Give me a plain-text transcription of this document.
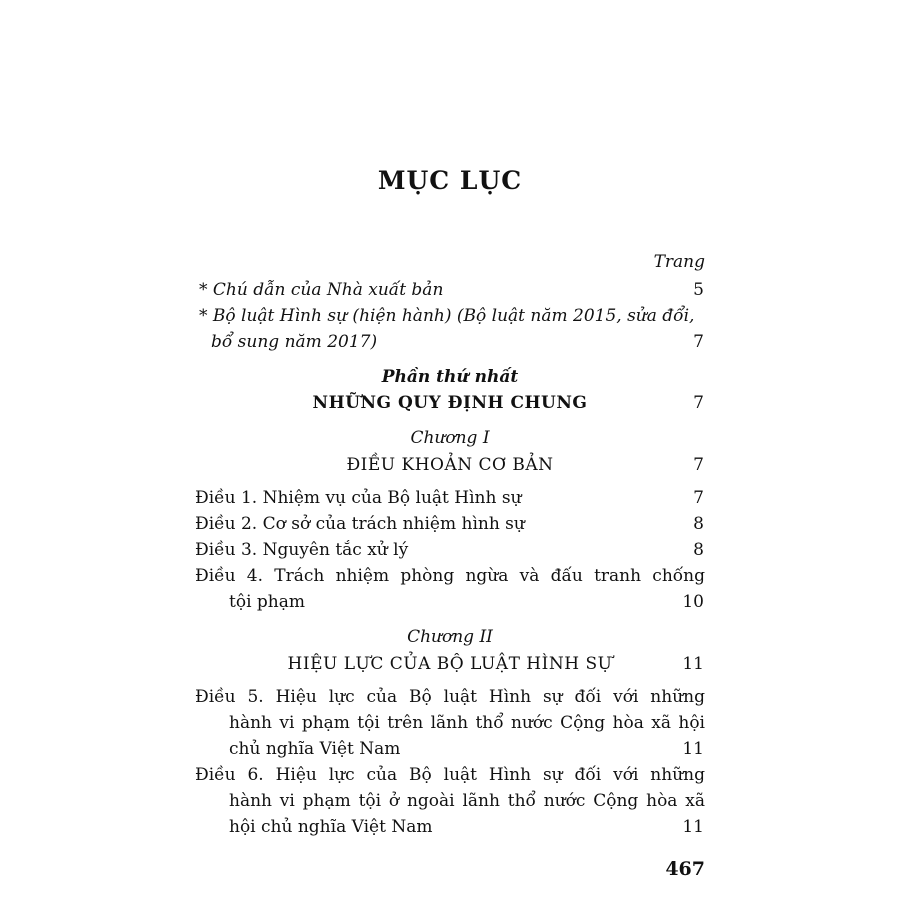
MỤC LỤC
Trang
* Chú dẫn của Nhà xuất bản	5
* Bộ luật Hình sự (hiện hành) (Bộ luật năm 2015, sửa đổi,
bổ sung năm 2017)	7
Phần thứ nhất
NHỮNG QUY ĐỊNH CHUNG	7
Chương I
ĐIỀU KHOẢN CƠ BẢN	7
Điều 1. Nhiệm vụ của Bộ luật Hình sự	7
Điều 2. Cơ sở của trách nhiệm hình sự	8
Điều 3. Nguyên tắc xử lý	8
Điều 4. Trách nhiệm phòng ngừa và đấu tranh chống
tội phạm	10
Chương II
HIỆU LỰC CỦA BỘ LUẬT HÌNH SỰ	11
Điều 5. Hiệu lực của Bộ luật Hình sự đối với những
hành vi phạm tội trên lãnh thổ nước Cộng hòa xã hội
chủ nghĩa Việt Nam	11
Điều 6. Hiệu lực của Bộ luật Hình sự đối với những
hành vi phạm tội ở ngoài lãnh thổ nước Cộng hòa xã
hội chủ nghĩa Việt Nam	11
467
